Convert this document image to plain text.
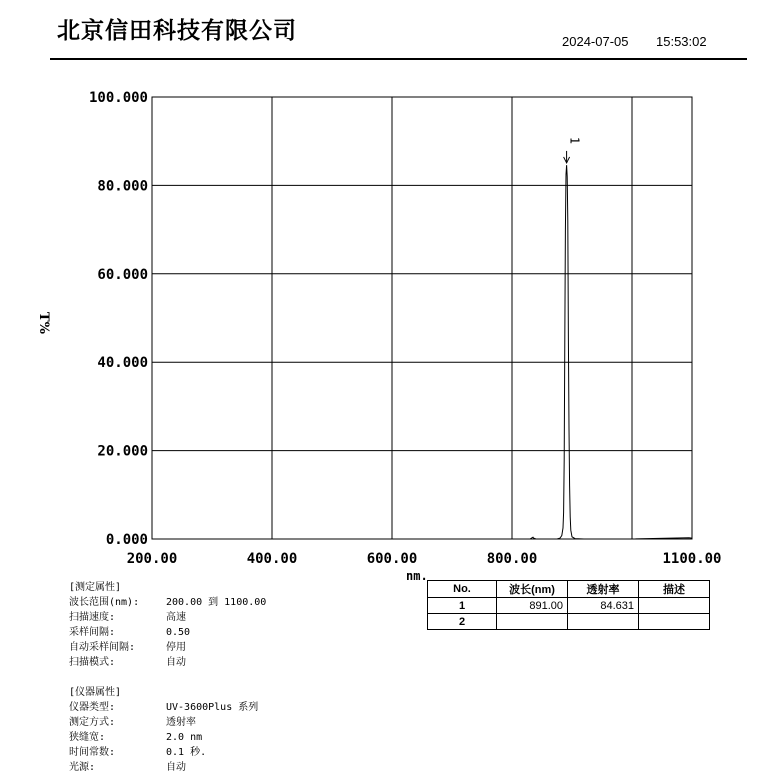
北京信田科技有限公司	2024-07-05 15:53:02
0.000
20.000
40.000
60.000
80.000
100.000
200.00	400.00	600.00	800.00	1100.00
1
T%
nm.
No.	波长(nm)	透射率	描述
1	891.00	84.631	
2			
[测定属性]
波长范围(nm):	200.00 到 1100.00
扫描速度:	高速
采样间隔:	0.50
自动采样间隔:	停用
扫描模式:	自动
[仪器属性]
仪器类型:	UV-3600Plus 系列
测定方式:	透射率
狭缝宽:	2.0 nm
时间常数:	0.1 秒.
光源:	自动
